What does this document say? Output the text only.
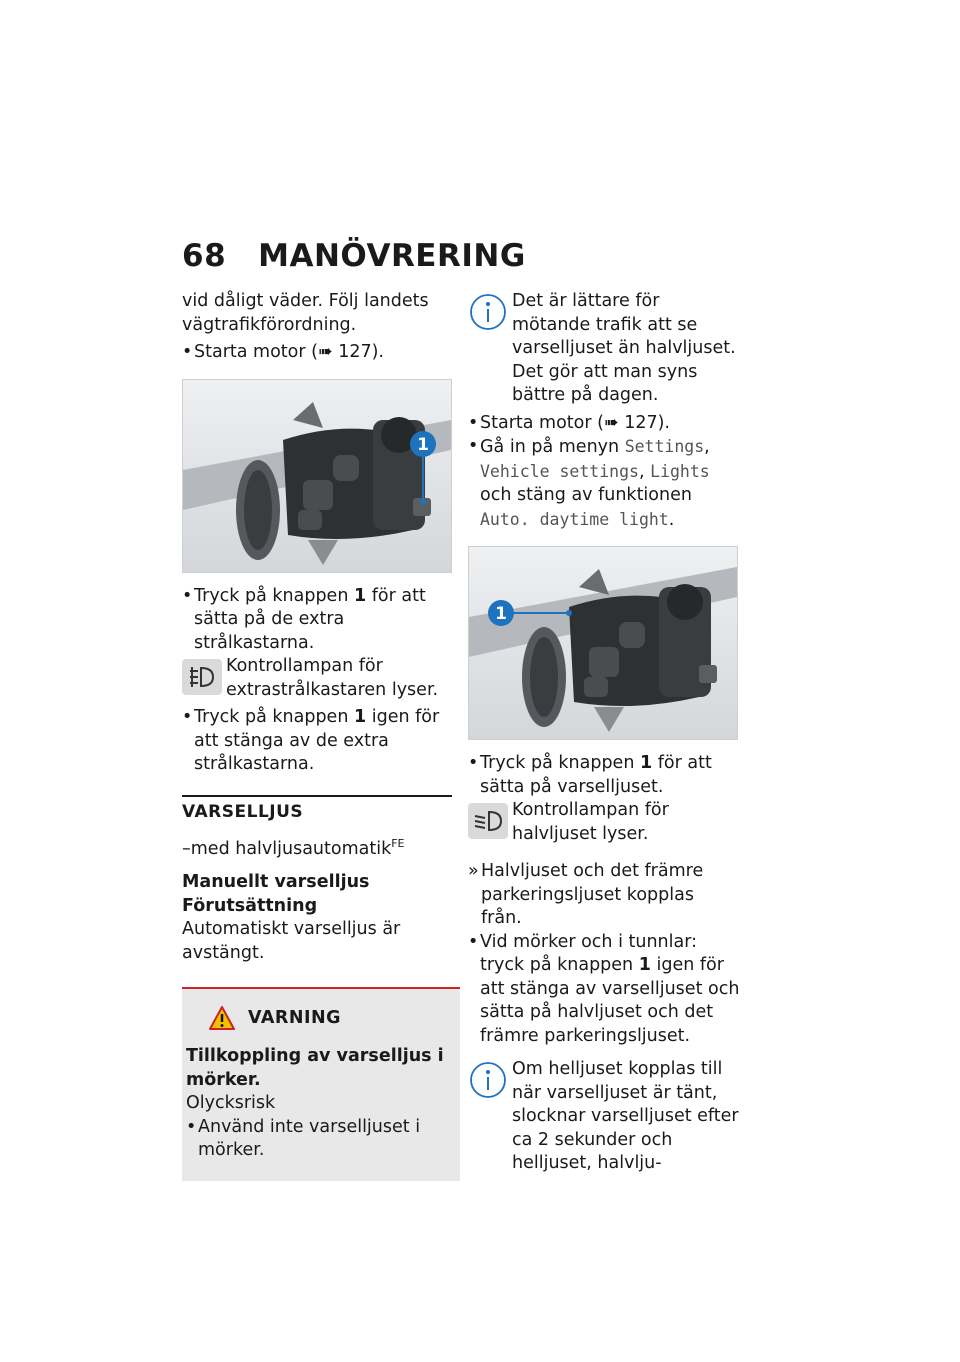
68 MANÖVRERING

vid dåligt väder. Följ landets vägtrafikförordning.

• Starta motor (➠ 127).

1

• Tryck på knappen 1 för att sätta på de extra strålkastarna.

Kontrollampan för extrastrålkastaren lyser.

• Tryck på knappen 1 igen för att stänga av de extra strålkastarna.

VARSELLJUS

–med halvljusautomatik$^{FE}$

Manuellt varselljus

Förutsättning

Automatiskt varselljus är avstängt.

VARNING

Tillkoppling av varselljus i mörker.

Olycksrisk

• Använd inte varselljuset i mörker.

Det är lättare för mötande trafik att se varselljuset än halvljuset. Det gör att man syns bättre på dagen.

• Starta motor (➠ 127).

• Gå in på menyn Settings, Vehicle settings, Lights och stäng av funktionen Auto. daytime light.

1

• Tryck på knappen 1 för att sätta på varselljuset.

Kontrollampan för halvljuset lyser.

» Halvljuset och det främre parkeringsljuset kopplas från.

• Vid mörker och i tunnlar:
tryck på knappen 1 igen för att stänga av varselljuset och sätta på halvljuset och det främre parkeringsljuset.

Om helljuset kopplas till när varselljuset är tänt, slocknar varselljuset efter ca 2 sekunder och helljuset, halvlju-
